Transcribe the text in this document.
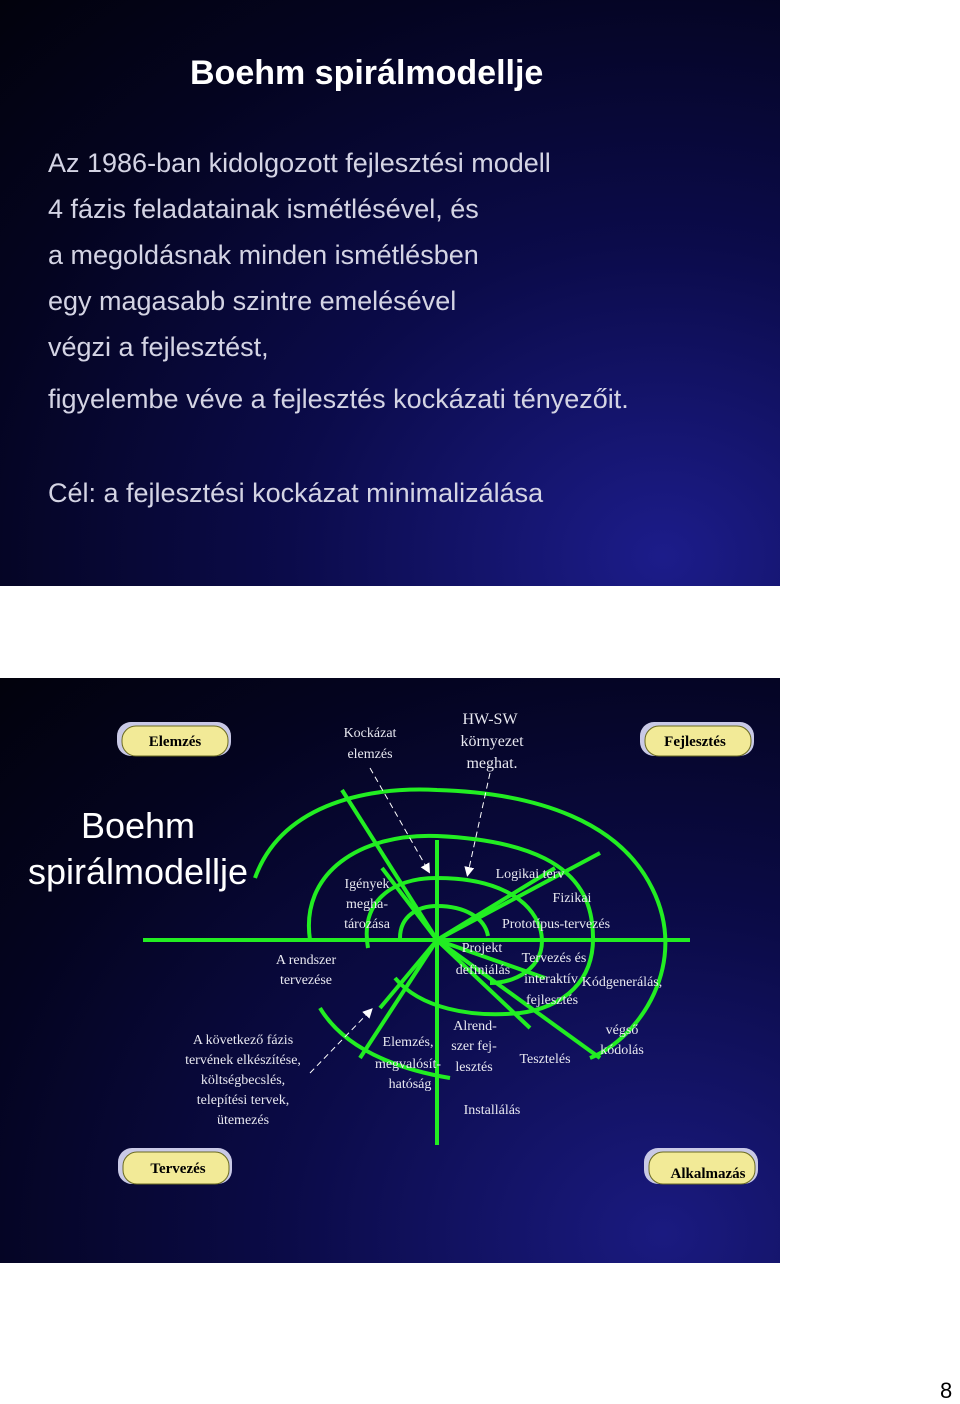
Boehm spirálmodellje
Az 1986-ban kidolgozott fejlesztési modell
4 fázis feladatainak ismétlésével, és
a megoldásnak minden ismétlésben
egy magasabb szintre emelésével
végzi a fejlesztést,
figyelembe véve a fejlesztés kockázati tényezőit.
Cél: a fejlesztési kockázat minimalizálása
Boehm
spirálmodellje
Elemzés	Fejlesztés
Tervezés	Alkalmazás
Kockázat
elemzés
HW-SW
környezet
meghat.
Igények
megha-
tározása
Logikai terv
Fizikai
Prototípus-tervezés
Projekt
definiálás
Tervezés és
interaktív
fejlesztés
Kódgenerálás,
végső
kódolás
A rendszer
tervezése
A következő fázis
tervének elkészítése,
költségbecslés,
telepítési tervek,
ütemezés
Elemzés,
megvalósít-
hatóság
Alrend-
szer fej-
lesztés
Tesztelés
Installálás
8
